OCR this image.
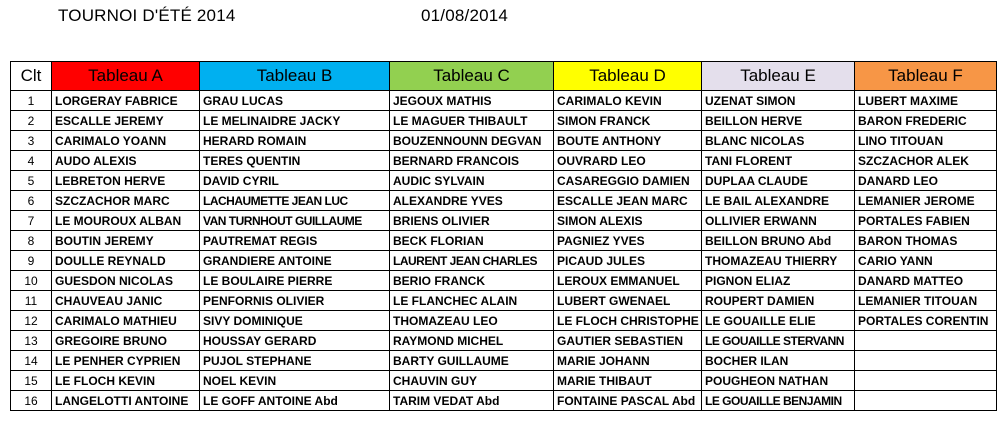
TOURNOI D'ÉTÉ 2014	01/08/2014
Clt	Tableau A	Tableau B	Tableau C	Tableau D	Tableau E	Tableau F
1	LORGERAY FABRICE	GRAU LUCAS	JEGOUX MATHIS	CARIMALO KEVIN	UZENAT SIMON	LUBERT MAXIME
2	ESCALLE JEREMY	LE MELINAIDRE JACKY	LE MAGUER THIBAULT	SIMON FRANCK	BEILLON HERVE	BARON FREDERIC
3	CARIMALO YOANN	HERARD ROMAIN	BOUZENNOUNN DEGVAN	BOUTE ANTHONY	BLANC NICOLAS	LINO TITOUAN
4	AUDO ALEXIS	TERES QUENTIN	BERNARD FRANCOIS	OUVRARD LEO	TANI FLORENT	SZCZACHOR ALEK
5	LEBRETON HERVE	DAVID CYRIL	AUDIC SYLVAIN	CASAREGGIO DAMIEN	DUPLAA CLAUDE	DANARD LEO
6	SZCZACHOR MARC	LACHAUMETTE JEAN LUC	ALEXANDRE YVES	ESCALLE JEAN MARC	LE BAIL ALEXANDRE	LEMANIER JEROME
7	LE MOUROUX ALBAN	VAN TURNHOUT GUILLAUME	BRIENS OLIVIER	SIMON ALEXIS	OLLIVIER ERWANN	PORTALES FABIEN
8	BOUTIN JEREMY	PAUTREMAT REGIS	BECK FLORIAN	PAGNIEZ YVES	BEILLON BRUNO Abd	BARON THOMAS
9	DOULLE REYNALD	GRANDIERE ANTOINE	LAURENT JEAN CHARLES	PICAUD JULES	THOMAZEAU THIERRY	CARIO YANN
10	GUESDON NICOLAS	LE BOULAIRE PIERRE	BERIO FRANCK	LEROUX EMMANUEL	PIGNON ELIAZ	DANARD MATTEO
11	CHAUVEAU JANIC	PENFORNIS OLIVIER	LE FLANCHEC ALAIN	LUBERT GWENAEL	ROUPERT DAMIEN	LEMANIER TITOUAN
12	CARIMALO MATHIEU	SIVY DOMINIQUE	THOMAZEAU LEO	LE FLOCH CHRISTOPHE	LE GOUAILLE ELIE	PORTALES CORENTIN
13	GREGOIRE BRUNO	HOUSSAY GERARD	RAYMOND MICHEL	GAUTIER SEBASTIEN	LE GOUAILLE STERVANN	
14	LE PENHER CYPRIEN	PUJOL STEPHANE	BARTY GUILLAUME	MARIE JOHANN	BOCHER ILAN	
15	LE FLOCH KEVIN	NOEL KEVIN	CHAUVIN GUY	MARIE THIBAUT	POUGHEON NATHAN	
16	LANGELOTTI ANTOINE	LE GOFF ANTOINE Abd	TARIM VEDAT Abd	FONTAINE PASCAL Abd	LE GOUAILLE BENJAMIN	
